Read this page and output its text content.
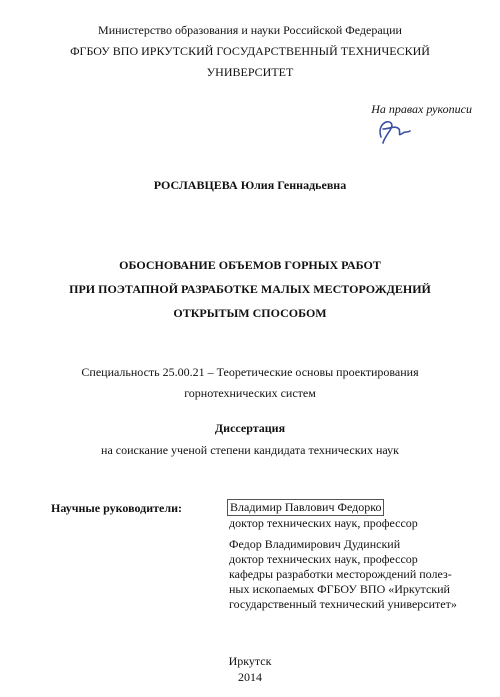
Министерство образования и науки Российской Федерации
ФГБОУ ВПО ИРКУТСКИЙ ГОСУДАРСТВЕННЫЙ ТЕХНИЧЕСКИЙ
УНИВЕРСИТЕТ
На правах рукописи
РОСЛАВЦЕВА Юлия Геннадьевна
ОБОСНОВАНИЕ ОБЪЕМОВ ГОРНЫХ РАБОТ
ПРИ ПОЭТАПНОЙ РАЗРАБОТКЕ МАЛЫХ МЕСТОРОЖДЕНИЙ
ОТКРЫТЫМ СПОСОБОМ
Специальность 25.00.21 – Теоретические основы проектирования
горнотехнических систем
Диссертация
на соискание ученой степени кандидата технических наук
Научные руководители:	Владимир Павлович Федорко
доктор технических наук, профессор
Федор Владимирович Дудинский
доктор технических наук, профессор
кафедры разработки месторождений полез-
ных ископаемых ФГБОУ ВПО «Иркутский
государственный технический университет»
Иркутск
2014
